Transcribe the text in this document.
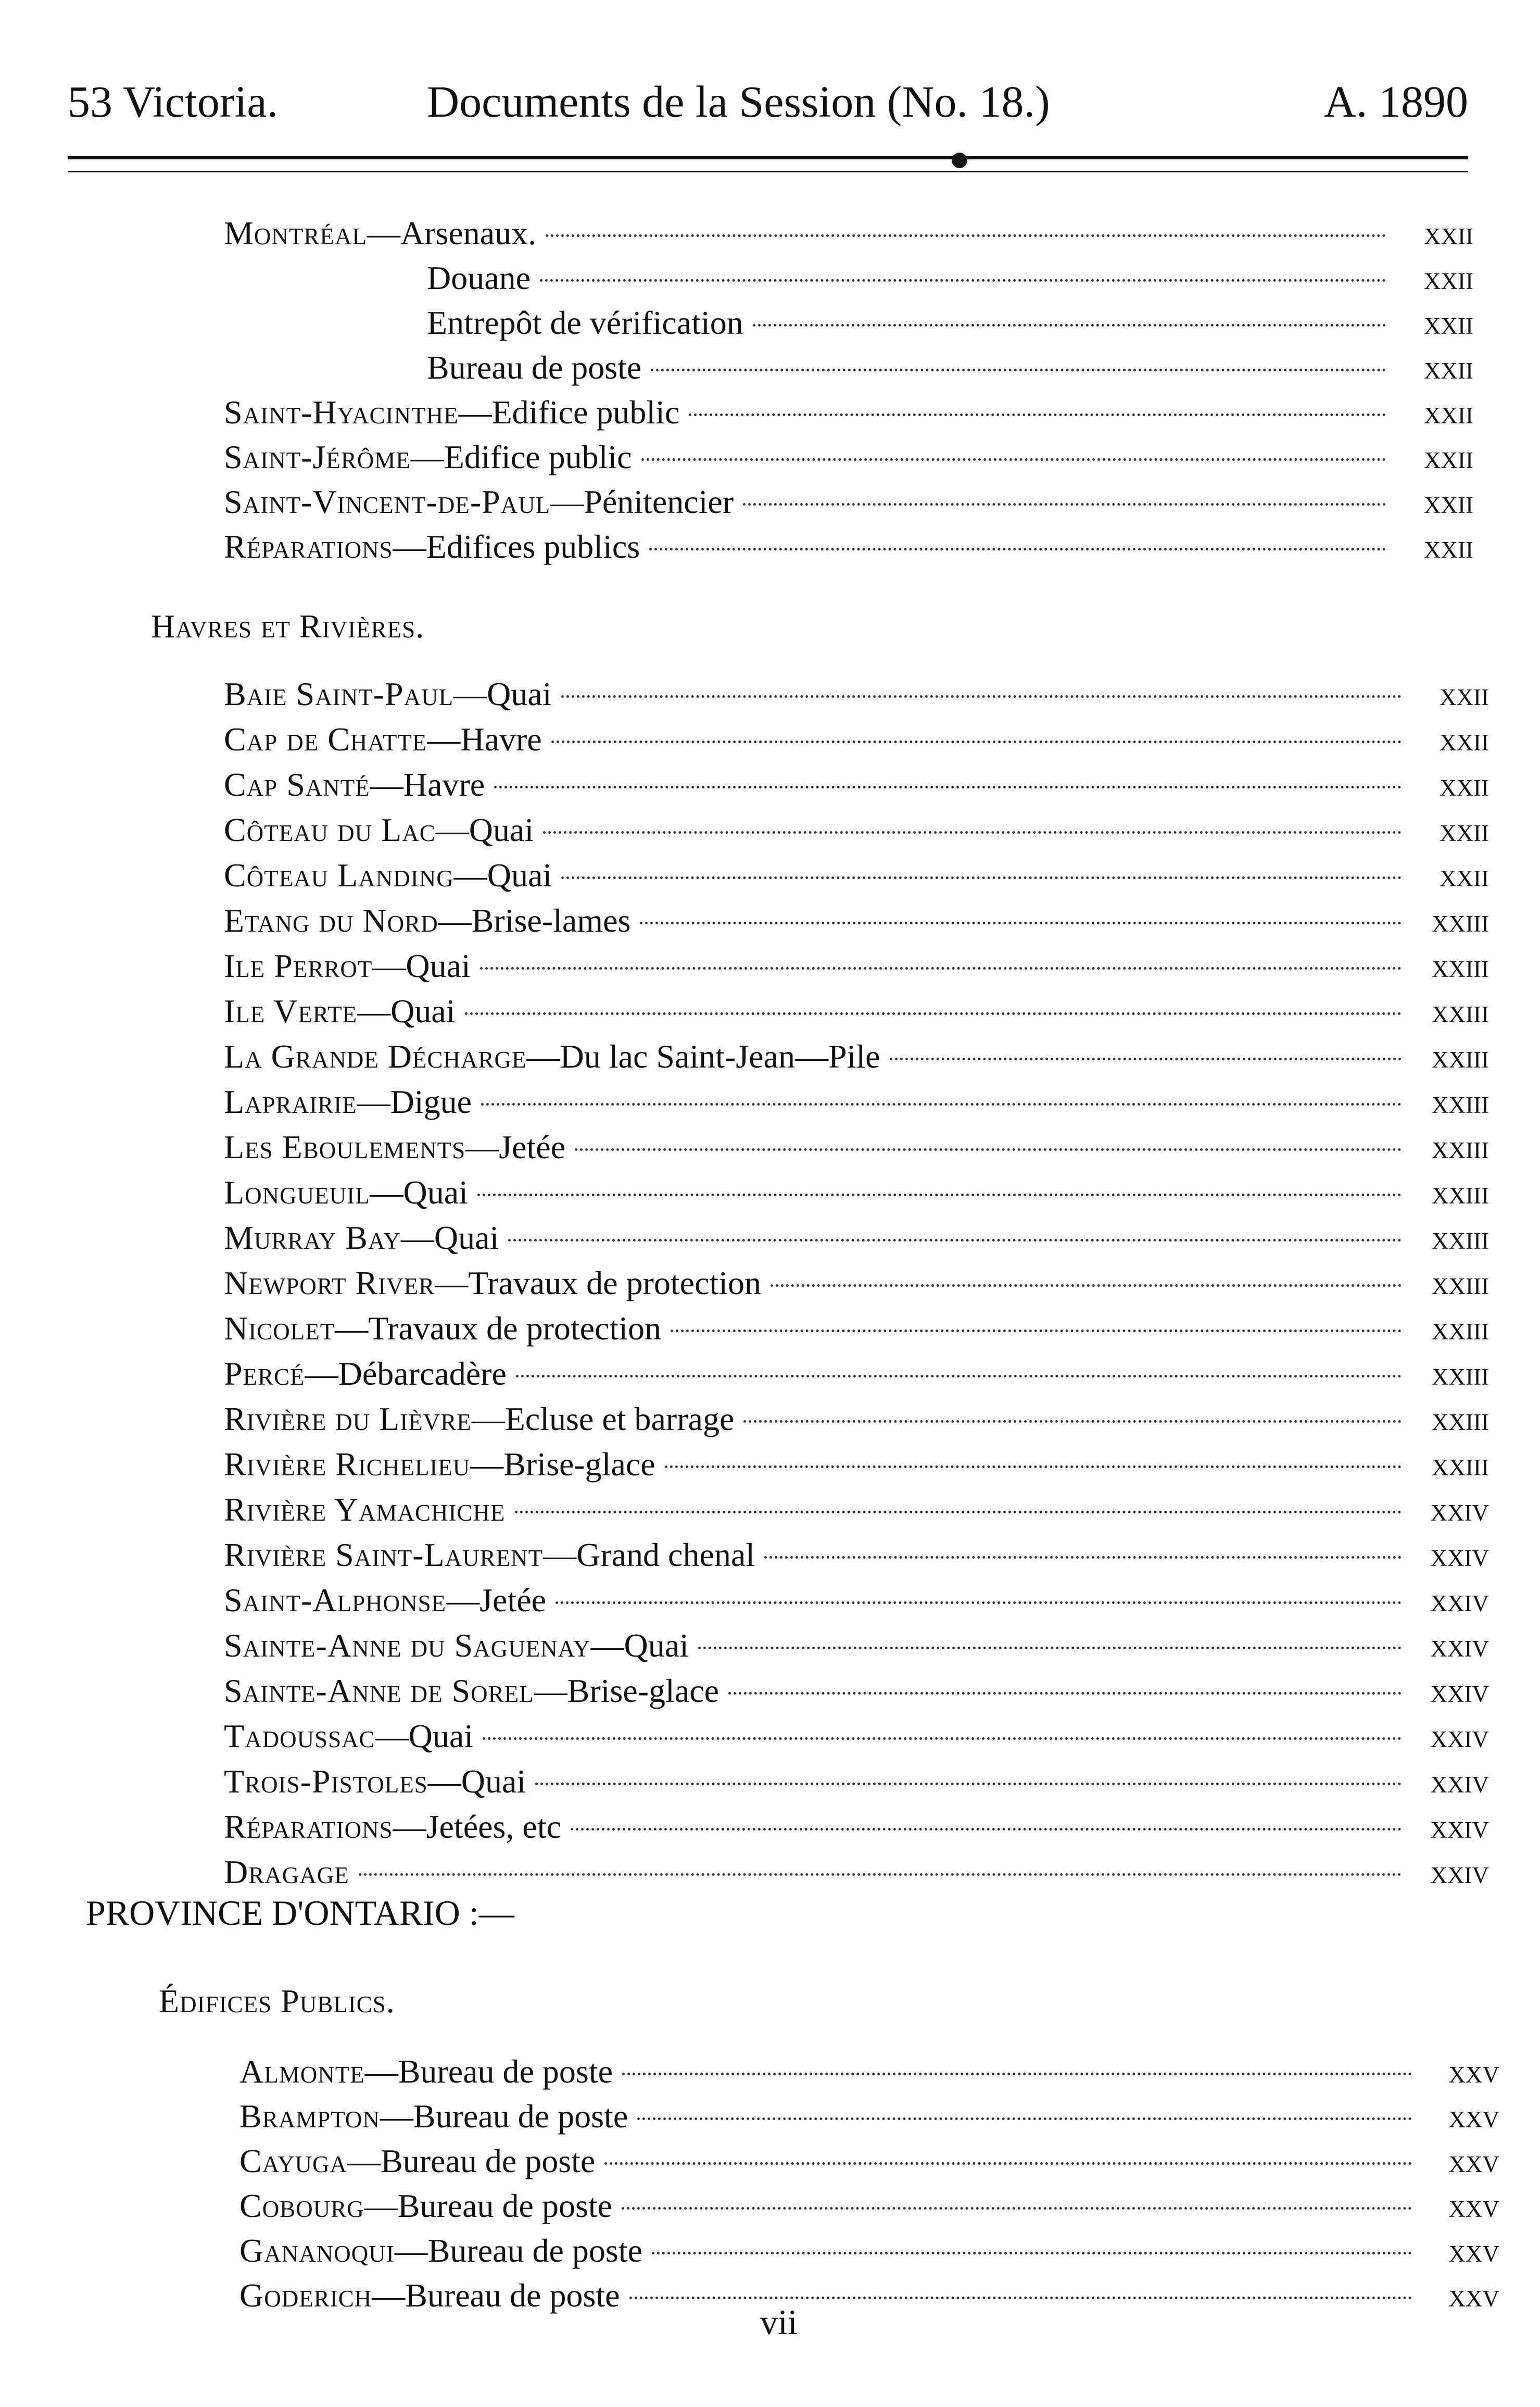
53 Victoria.	Documents de la Session (No. 18.)	A. 1890
Montréal—Arsenaux.	xxii
Douane	xxii
Entrepôt de vérification	xxii
Bureau de poste	xxii
Saint-Hyacinthe—Edifice public	xxii
Saint-Jérôme—Edifice public	xxii
Saint-Vincent-de-Paul—Pénitencier	xxii
Réparations—Edifices publics	xxii
Havres et Rivières.
Baie Saint-Paul—Quai	xxii
Cap de Chatte—Havre	xxii
Cap Santé—Havre	xxii
Côteau du Lac—Quai	xxii
Côteau Landing—Quai	xxii
Etang du Nord—Brise-lames	xxiii
Ile Perrot—Quai	xxiii
Ile Verte—Quai	xxiii
La Grande Décharge—Du lac Saint-Jean—Pile	xxiii
Laprairie—Digue	xxiii
Les Eboulements—Jetée	xxiii
Longueuil—Quai	xxiii
Murray Bay—Quai	xxiii
Newport River—Travaux de protection	xxiii
Nicolet—Travaux de protection	xxiii
Percé—Débarcadère	xxiii
Rivière du Lièvre—Ecluse et barrage	xxiii
Rivière Richelieu—Brise-glace	xxiii
Rivière Yamachiche	xxiv
Rivière Saint-Laurent—Grand chenal	xxiv
Saint-Alphonse—Jetée	xxiv
Sainte-Anne du Saguenay—Quai	xxiv
Sainte-Anne de Sorel—Brise-glace	xxiv
Tadoussac—Quai	xxiv
Trois-Pistoles—Quai	xxiv
Réparations—Jetées, etc	xxiv
Dragage	xxiv
PROVINCE D'ONTARIO :—
Édifices Publics.
Almonte—Bureau de poste	xxv
Brampton—Bureau de poste	xxv
Cayuga—Bureau de poste	xxv
Cobourg—Bureau de poste	xxv
Gananoqui—Bureau de poste	xxv
Goderich—Bureau de poste	xxv
vii
